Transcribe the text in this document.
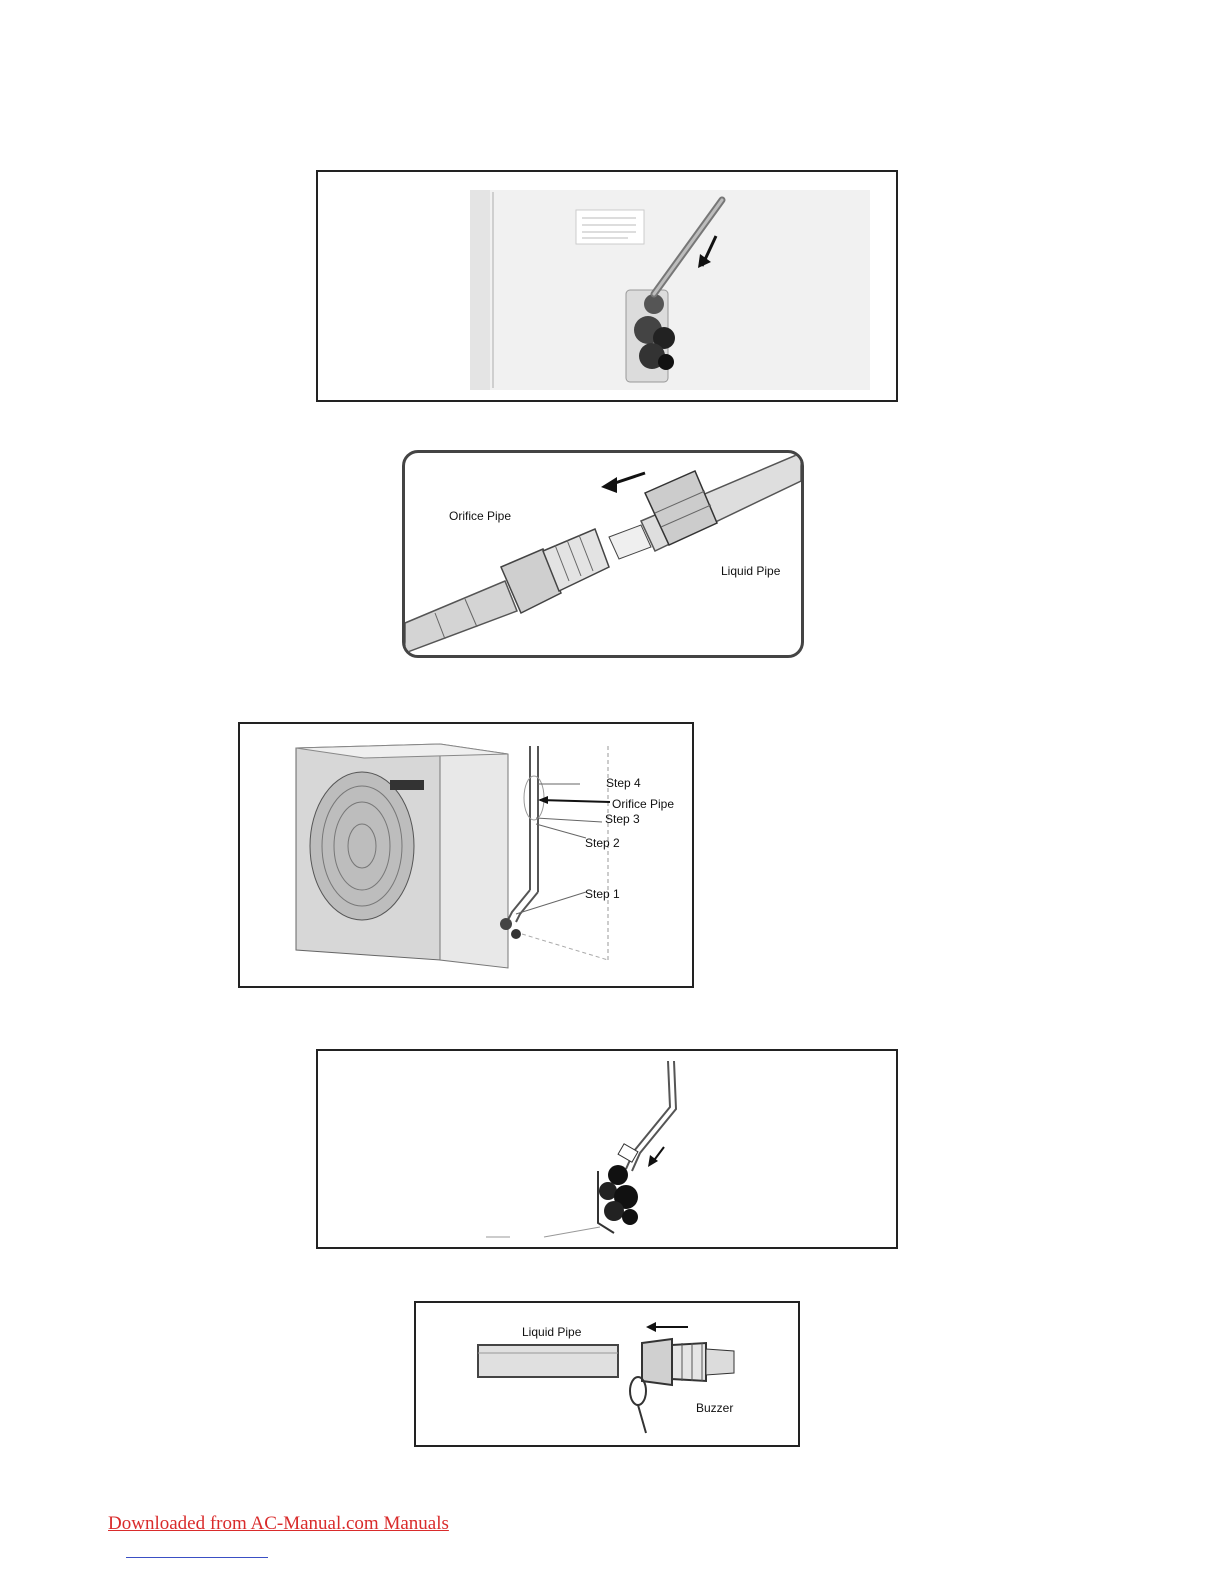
Orifice Pipe
Liquid Pipe
Step 4
Orifice Pipe
Step 3
Step 2
Step 1
Liquid Pipe
Buzzer
Downloaded from AC-Manual.com Manuals
